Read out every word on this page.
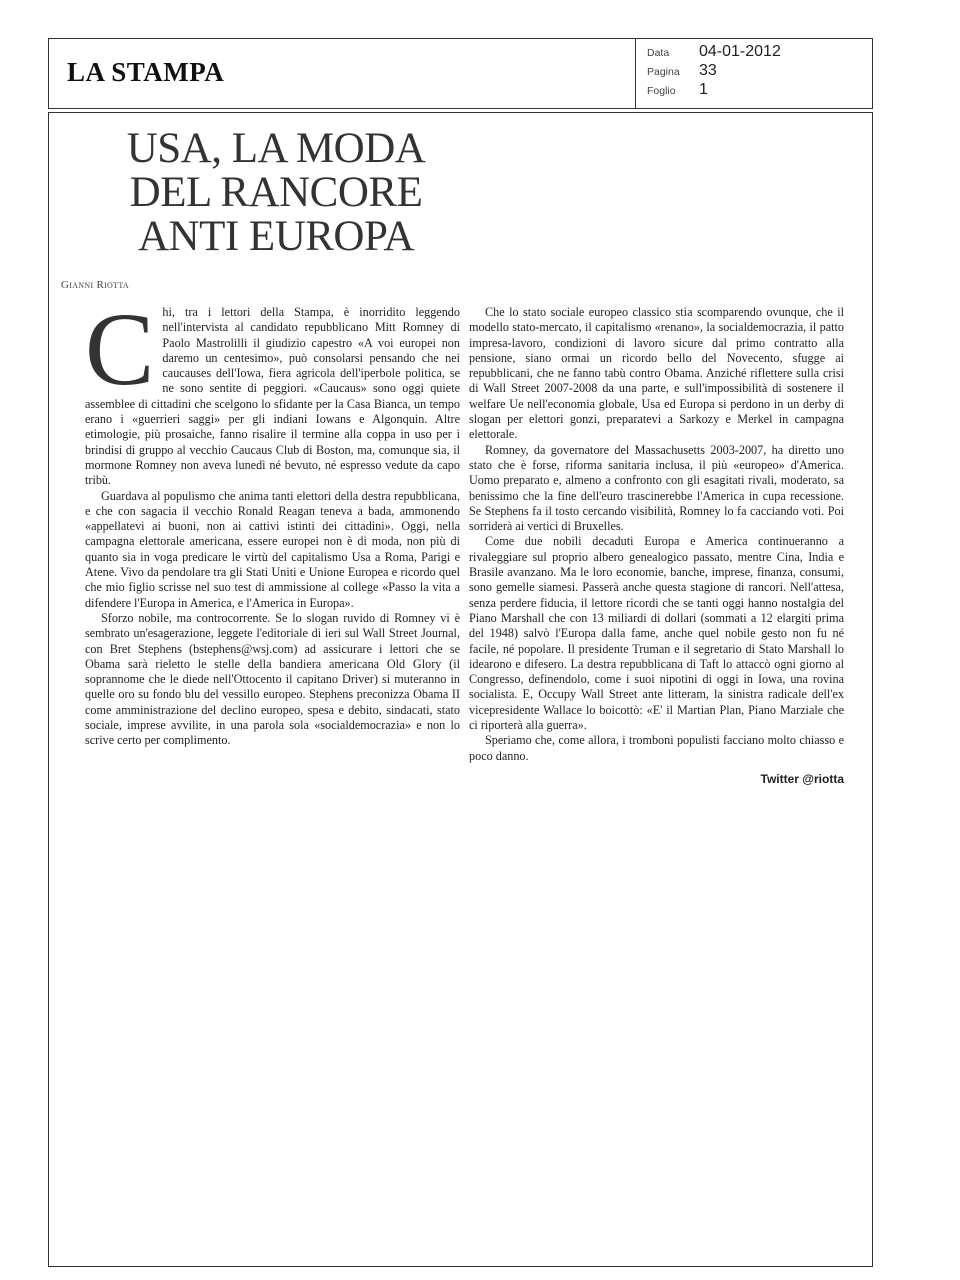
LA STAMPA
Data 04-01-2012
Pagina 33
Foglio 1
USA, LA MODA
DEL RANCORE
ANTI EUROPA
Gianni Riotta

Chi, tra i lettori della Stampa, è inorridito leggendo nell'intervista al candidato repubblicano Mitt Romney di Paolo Mastrolilli il giudizio capestro «A voi europei non daremo un centesimo», può consolarsi pensando che nei caucauses dell'Iowa, fiera agricola dell'iperbole politica, se ne sono sentite di peggiori. «Caucaus» sono oggi quiete assemblee di cittadini che scelgono lo sfidante per la Casa Bianca, un tempo erano i «guerrieri saggi» per gli indiani Iowans e Algonquin. Altre etimologie, più prosaiche, fanno risalire il termine alla coppa in uso per i brindisi di gruppo al vecchio Caucaus Club di Boston, ma, comunque sia, il mormone Romney non aveva lunedì né bevuto, né espresso vedute da capo tribù.

Guardava al populismo che anima tanti elettori della destra repubblicana, e che con sagacia il vecchio Ronald Reagan teneva a bada, ammonendo «appellatevi ai buoni, non ai cattivi istinti dei cittadini». Oggi, nella campagna elettorale americana, essere europei non è di moda, non più di quanto sia in voga predicare le virtù del capitalismo Usa a Roma, Parigi e Atene. Vivo da pendolare tra gli Stati Uniti e Unione Europea e ricordo quel che mio figlio scrisse nel suo test di ammissione al college «Passo la vita a difendere l'Europa in America, e l'America in Europa».

Sforzo nobile, ma controcorrente. Se lo slogan ruvido di Romney vi è sembrato un'esagerazione, leggete l'editoriale di ieri sul Wall Street Journal, con Bret Stephens (bstephens@wsj.com) ad assicurare i lettori che se Obama sarà rieletto le stelle della bandiera americana Old Glory (il soprannome che le diede nell'Ottocento il capitano Driver) si muteranno in quelle oro su fondo blu del vessillo europeo. Stephens preconizza Obama II come amministrazione del declino europeo, spesa e debito, sindacati, stato sociale, imprese avvilite, in una parola sola «socialdemocrazia» e non lo scrive certo per complimento.

Che lo stato sociale europeo classico stia scomparendo ovunque, che il modello stato-mercato, il capitalismo «renano», la socialdemocrazia, il patto impresa-lavoro, condizioni di lavoro sicure dal primo contratto alla pensione, siano ormai un ricordo bello del Novecento, sfugge ai repubblicani, che ne fanno tabù contro Obama. Anziché riflettere sulla crisi di Wall Street 2007-2008 da una parte, e sull'impossibilità di sostenere il welfare Ue nell'economia globale, Usa ed Europa si perdono in un derby di slogan per elettori gonzi, preparatevi a Sarkozy e Merkel in campagna elettorale.

Romney, da governatore del Massachusetts 2003-2007, ha diretto uno stato che è forse, riforma sanitaria inclusa, il più «europeo» d'America. Uomo preparato e, almeno a confronto con gli esagitati rivali, moderato, sa benissimo che la fine dell'euro trascinerebbe l'America in cupa recessione. Se Stephens fa il tosto cercando visibilità, Romney lo fa cacciando voti. Poi sorriderà ai vertici di Bruxelles.

Come due nobili decaduti Europa e America continueranno a rivaleggiare sul proprio albero genealogico passato, mentre Cina, India e Brasile avanzano. Ma le loro economie, banche, imprese, finanza, consumi, sono gemelle siamesi. Passerà anche questa stagione di rancori. Nell'attesa, senza perdere fiducia, il lettore ricordi che se tanti oggi hanno nostalgia del Piano Marshall che con 13 miliardi di dollari (sommati a 12 elargiti prima del 1948) salvò l'Europa dalla fame, anche quel nobile gesto non fu né facile, né popolare. Il presidente Truman e il segretario di Stato Marshall lo idearono e difesero. La destra repubblicana di Taft lo attaccò ogni giorno al Congresso, definendolo, come i suoi nipotini di oggi in Iowa, una rovina socialista. E, Occupy Wall Street ante litteram, la sinistra radicale dell'ex vicepresidente Wallace lo boicottò: «E' il Martian Plan, Piano Marziale che ci riporterà alla guerra».

Speriamo che, come allora, i tromboni populisti facciano molto chiasso e poco danno.

Twitter @riotta
